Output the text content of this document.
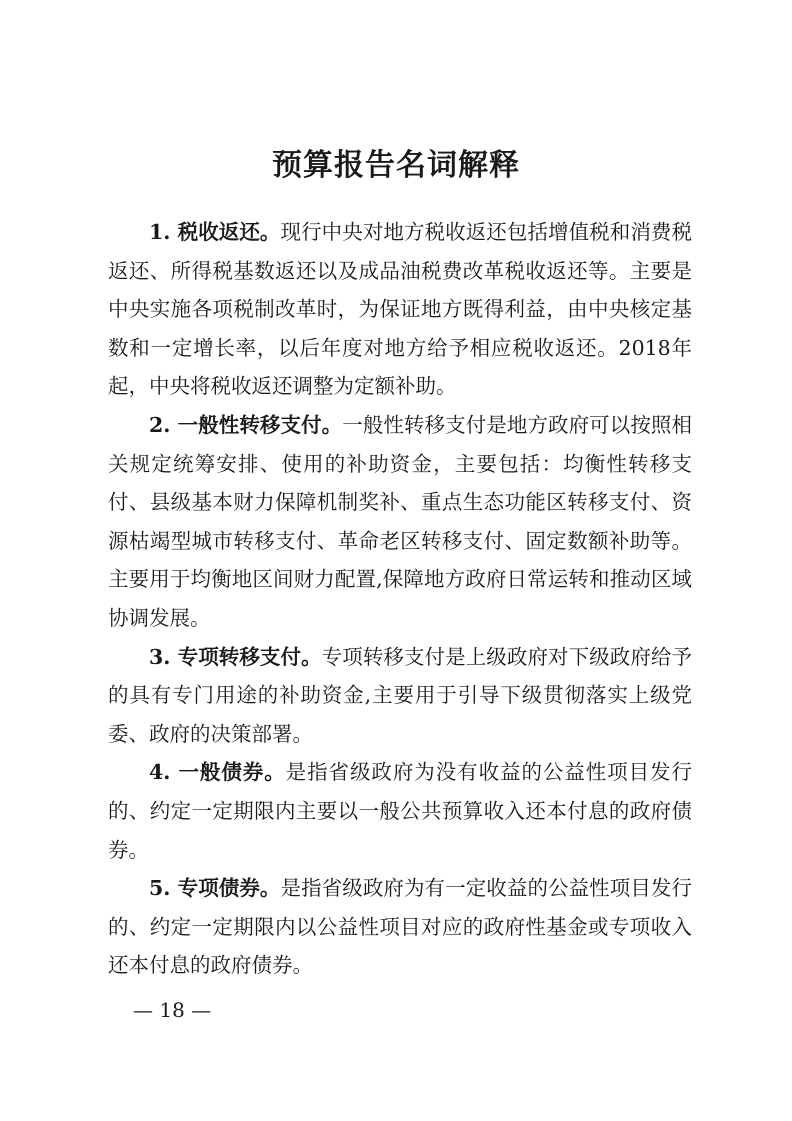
预算报告名词解释

1. 税收返还。现行中央对地方税收返还包括增值税和消费税返还、所得税基数返还以及成品油税费改革税收返还等。主要是中央实施各项税制改革时，为保证地方既得利益，由中央核定基数和一定增长率，以后年度对地方给予相应税收返还。2018年起，中央将税收返还调整为定额补助。

2. 一般性转移支付。一般性转移支付是地方政府可以按照相关规定统筹安排、使用的补助资金，主要包括：均衡性转移支付、县级基本财力保障机制奖补、重点生态功能区转移支付、资源枯竭型城市转移支付、革命老区转移支付、固定数额补助等。主要用于均衡地区间财力配置,保障地方政府日常运转和推动区域协调发展。

3. 专项转移支付。专项转移支付是上级政府对下级政府给予的具有专门用途的补助资金,主要用于引导下级贯彻落实上级党委、政府的决策部署。

4. 一般债券。是指省级政府为没有收益的公益性项目发行的、约定一定期限内主要以一般公共预算收入还本付息的政府债券。

5. 专项债券。是指省级政府为有一定收益的公益性项目发行的、约定一定期限内以公益性项目对应的政府性基金或专项收入还本付息的政府债券。

— 18 —
